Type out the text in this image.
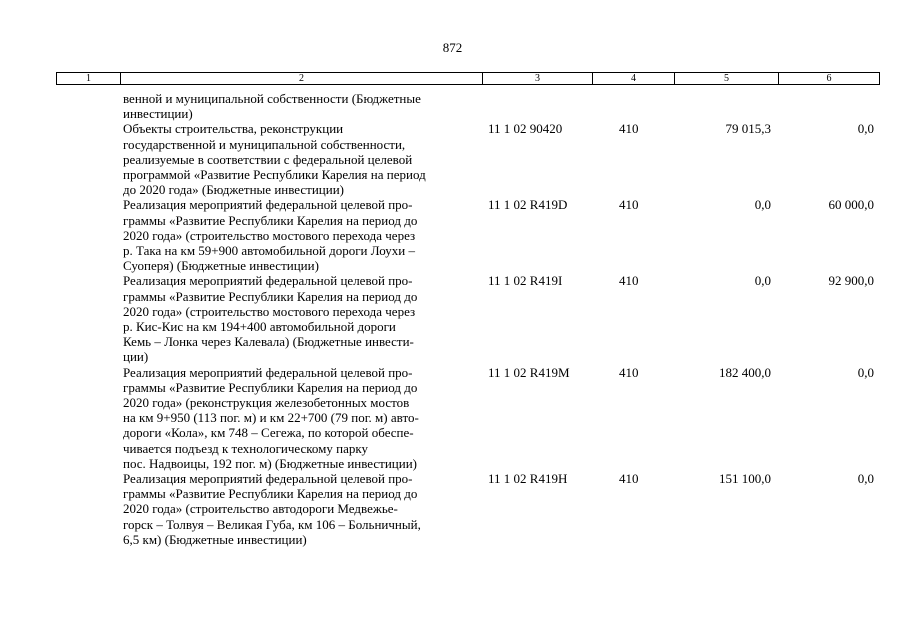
872
1	2	3	4	5	6
венной и муниципальной собственности (Бюджетные
инвестиции)
Объекты строительства, реконструкции
государственной и муниципальной собственности,
реализуемые в соответствии с федеральной целевой
программой «Развитие Республики Карелия на период
до 2020 года» (Бюджетные инвестиции)
11 1 02 90420	410	79 015,3	0,0
Реализация мероприятий федеральной целевой про-
граммы «Развитие Республики Карелия на период до
2020 года» (строительство мостового перехода через
р. Така на км 59+900 автомобильной дороги Лоухи –
Суоперя) (Бюджетные инвестиции)
11 1 02 R419D	410	0,0	60 000,0
Реализация мероприятий федеральной целевой про-
граммы «Развитие Республики Карелия на период до
2020 года» (строительство мостового перехода через
р. Кис-Кис на км 194+400 автомобильной дороги
Кемь – Лонка через Калевала) (Бюджетные инвести-
ции)
11 1 02 R419I	410	0,0	92 900,0
Реализация мероприятий федеральной целевой про-
граммы «Развитие Республики Карелия на период до
2020 года» (реконструкция железобетонных мостов
на км 9+950 (113 пог. м) и км 22+700 (79 пог. м) авто-
дороги «Кола», км 748 – Сегежа, по которой обеспе-
чивается подъезд к технологическому парку
пос. Надвоицы, 192 пог. м) (Бюджетные инвестиции)
11 1 02 R419M	410	182 400,0	0,0
Реализация мероприятий федеральной целевой про-
граммы «Развитие Республики Карелия на период до
2020 года» (строительство автодороги Медвежье-
горск – Толвуя – Великая Губа, км 106 – Больничный,
6,5 км) (Бюджетные инвестиции)
11 1 02 R419H	410	151 100,0	0,0
